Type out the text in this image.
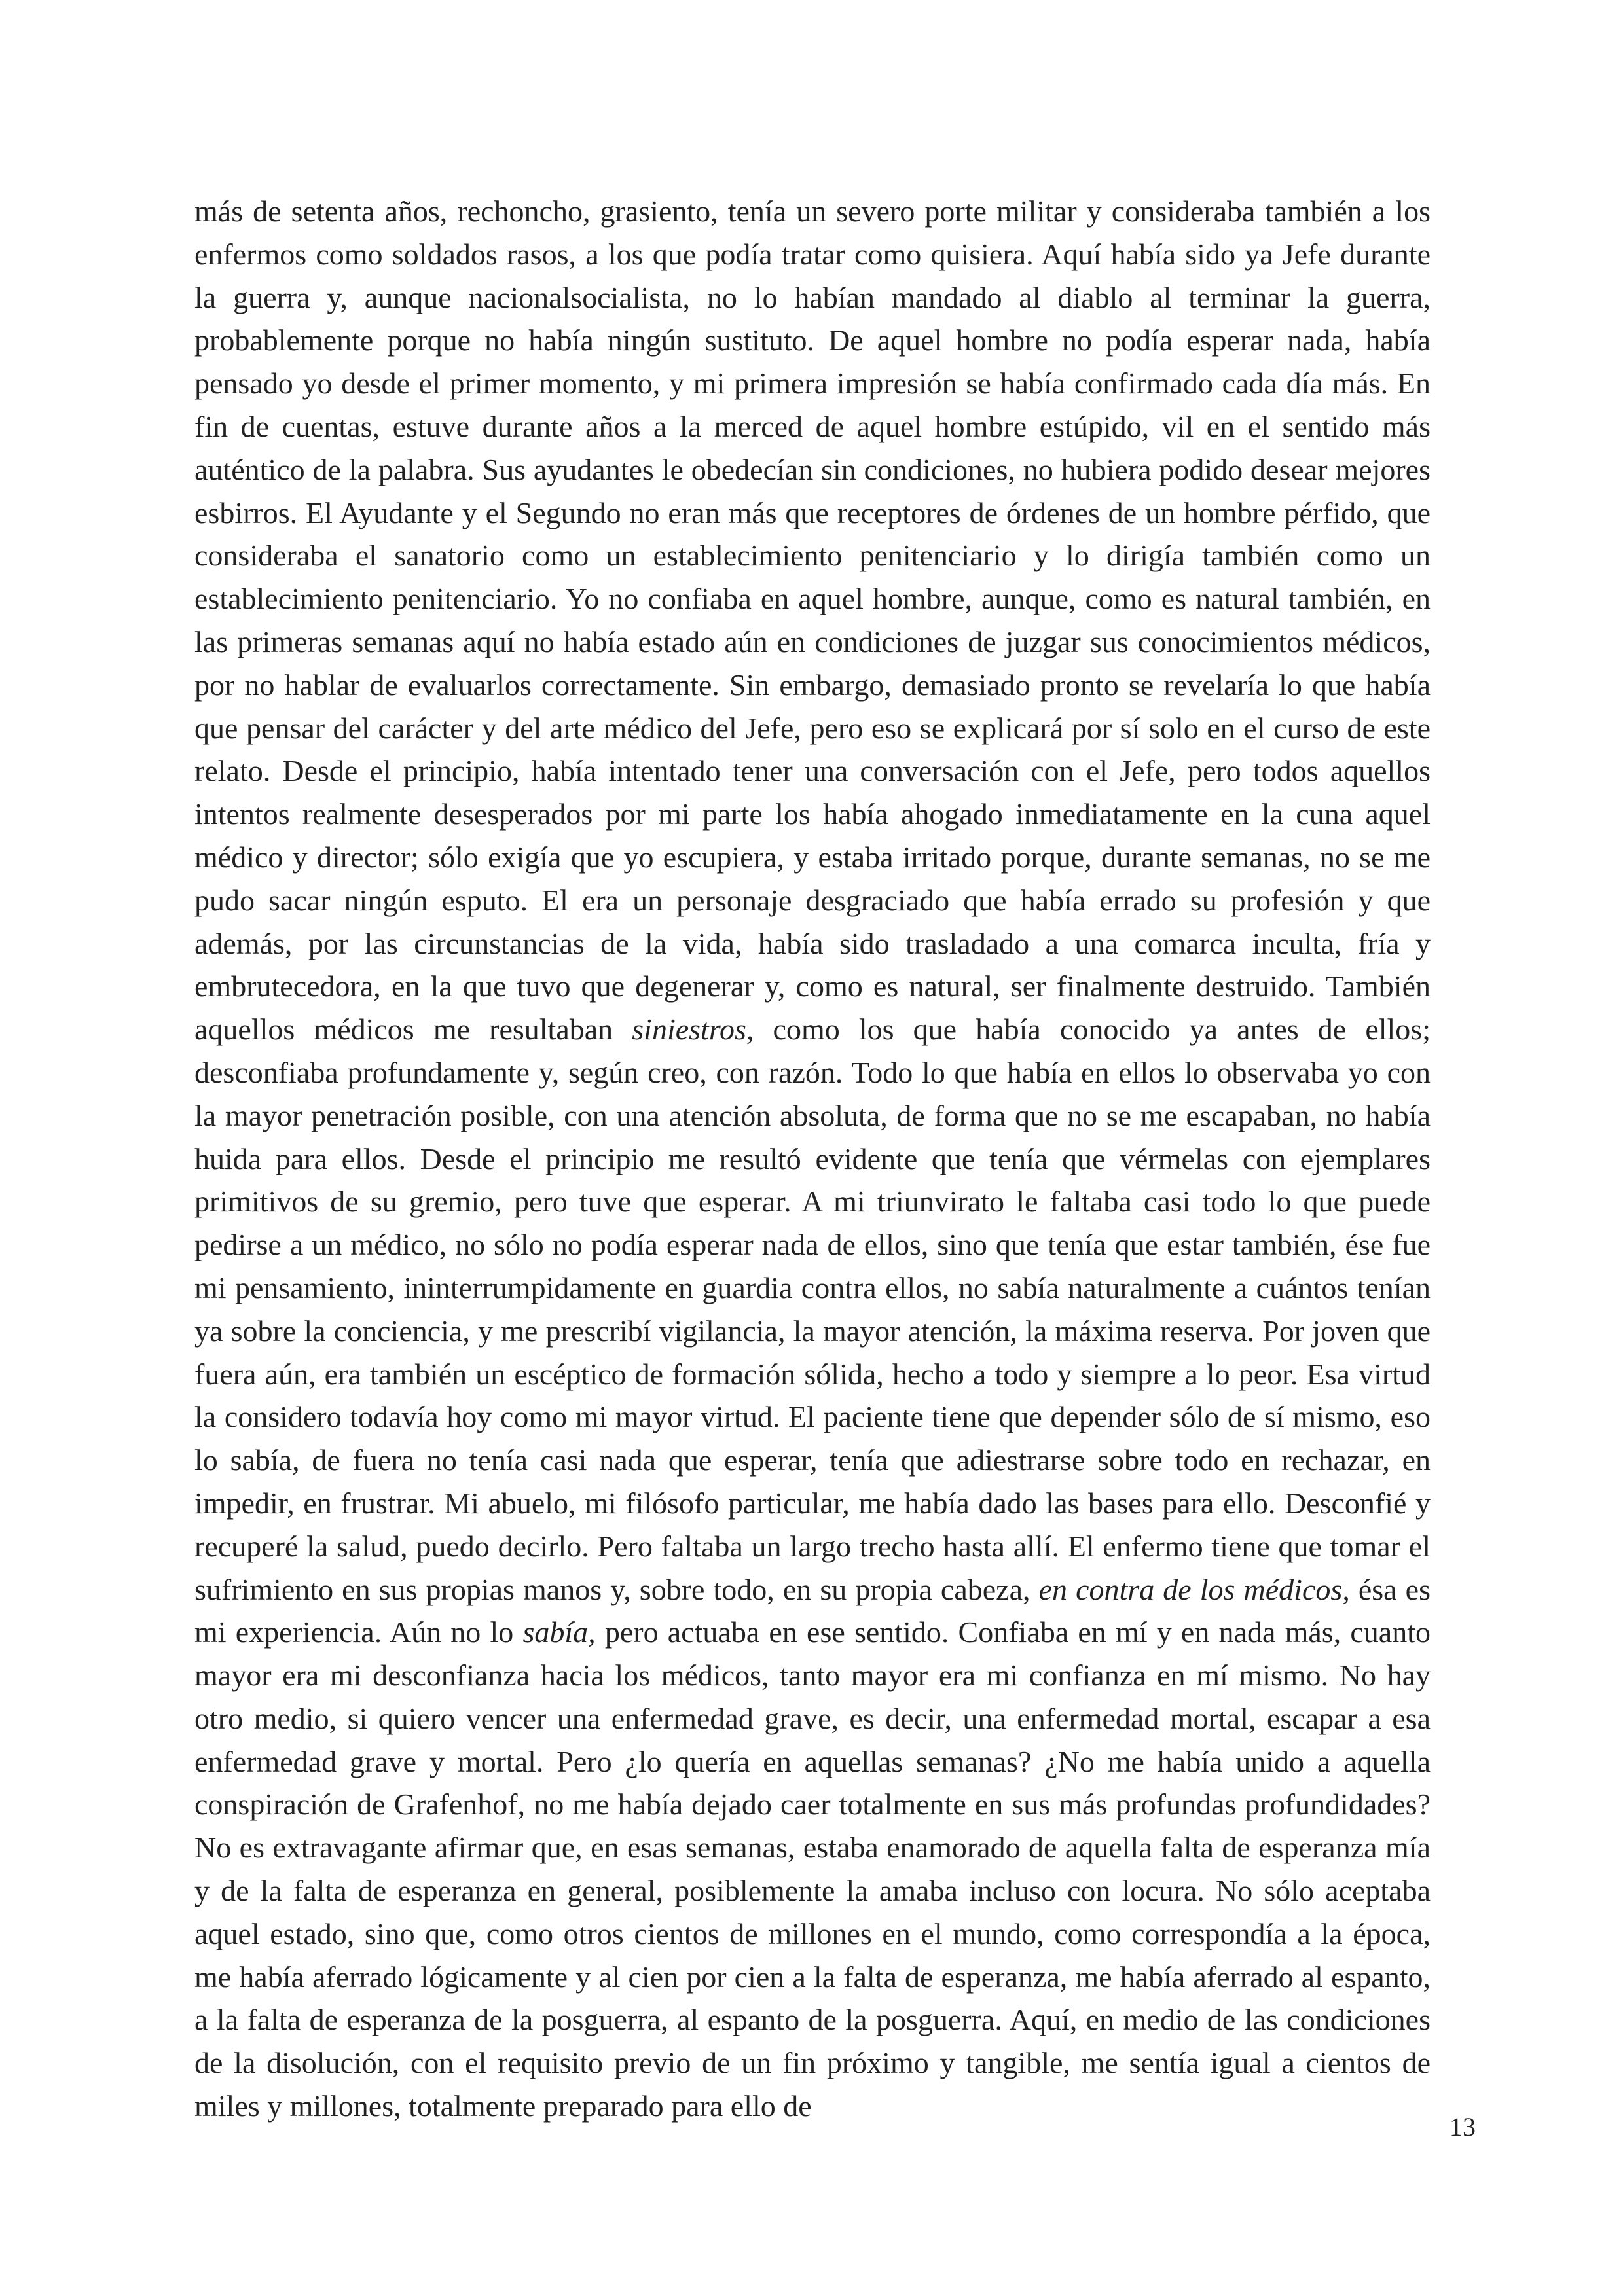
más de setenta años, rechoncho, grasiento, tenía un severo porte militar y consideraba también a los enfermos como soldados rasos, a los que podía tratar como quisiera. Aquí había sido ya Jefe durante la guerra y, aunque nacionalsocialista, no lo habían mandado al diablo al terminar la guerra, probablemente porque no había ningún sustituto. De aquel hombre no podía esperar nada, había pensado yo desde el primer momento, y mi primera impresión se había confirmado cada día más. En fin de cuentas, estuve durante años a la merced de aquel hombre estúpido, vil en el sentido más auténtico de la palabra. Sus ayudantes le obedecían sin condiciones, no hubiera podido desear mejores esbirros. El Ayudante y el Segundo no eran más que receptores de órdenes de un hombre pérfido, que consideraba el sanatorio como un establecimiento penitenciario y lo dirigía también como un establecimiento penitenciario. Yo no confiaba en aquel hombre, aunque, como es natural también, en las primeras semanas aquí no había estado aún en condiciones de juzgar sus conocimientos médicos, por no hablar de evaluarlos correctamente. Sin embargo, demasiado pronto se revelaría lo que había que pensar del carácter y del arte médico del Jefe, pero eso se explicará por sí solo en el curso de este relato. Desde el principio, había intentado tener una conversación con el Jefe, pero todos aquellos intentos realmente desesperados por mi parte los había ahogado inmediatamente en la cuna aquel médico y director; sólo exigía que yo escupiera, y estaba irritado porque, durante semanas, no se me pudo sacar ningún esputo. El era un personaje desgraciado que había errado su profesión y que además, por las circunstancias de la vida, había sido trasladado a una comarca inculta, fría y embrutecedora, en la que tuvo que degenerar y, como es natural, ser finalmente destruido. También aquellos médicos me resultaban siniestros, como los que había conocido ya antes de ellos; desconfiaba profundamente y, según creo, con razón. Todo lo que había en ellos lo observaba yo con la mayor penetración posible, con una atención absoluta, de forma que no se me escapaban, no había huida para ellos. Desde el principio me resultó evidente que tenía que vérmelas con ejemplares primitivos de su gremio, pero tuve que esperar. A mi triunvirato le faltaba casi todo lo que puede pedirse a un médico, no sólo no podía esperar nada de ellos, sino que tenía que estar también, ése fue mi pensamiento, ininterrumpidamente en guardia contra ellos, no sabía naturalmente a cuántos tenían ya sobre la conciencia, y me prescribí vigilancia, la mayor atención, la máxima reserva. Por joven que fuera aún, era también un escéptico de formación sólida, hecho a todo y siempre a lo peor. Esa virtud la considero todavía hoy como mi mayor virtud. El paciente tiene que depender sólo de sí mismo, eso lo sabía, de fuera no tenía casi nada que esperar, tenía que adiestrarse sobre todo en rechazar, en impedir, en frustrar. Mi abuelo, mi filósofo particular, me había dado las bases para ello. Desconfié y recuperé la salud, puedo decirlo. Pero faltaba un largo trecho hasta allí. El enfermo tiene que tomar el sufrimiento en sus propias manos y, sobre todo, en su propia cabeza, en contra de los médicos, ésa es mi experiencia. Aún no lo sabía, pero actuaba en ese sentido. Confiaba en mí y en nada más, cuanto mayor era mi desconfianza hacia los médicos, tanto mayor era mi confianza en mí mismo. No hay otro medio, si quiero vencer una enfermedad grave, es decir, una enfermedad mortal, escapar a esa enfermedad grave y mortal. Pero ¿lo quería en aquellas semanas? ¿No me había unido a aquella conspiración de Grafenhof, no me había dejado caer totalmente en sus más profundas profundidades? No es extravagante afirmar que, en esas semanas, estaba enamorado de aquella falta de esperanza mía y de la falta de esperanza en general, posiblemente la amaba incluso con locura. No sólo aceptaba aquel estado, sino que, como otros cientos de millones en el mundo, como correspondía a la época, me había aferrado lógicamente y al cien por cien a la falta de esperanza, me había aferrado al espanto, a la falta de esperanza de la posguerra, al espanto de la posguerra. Aquí, en medio de las condiciones de la disolución, con el requisito previo de un fin próximo y tangible, me sentía igual a cientos de miles y millones, totalmente preparado para ello de

13
